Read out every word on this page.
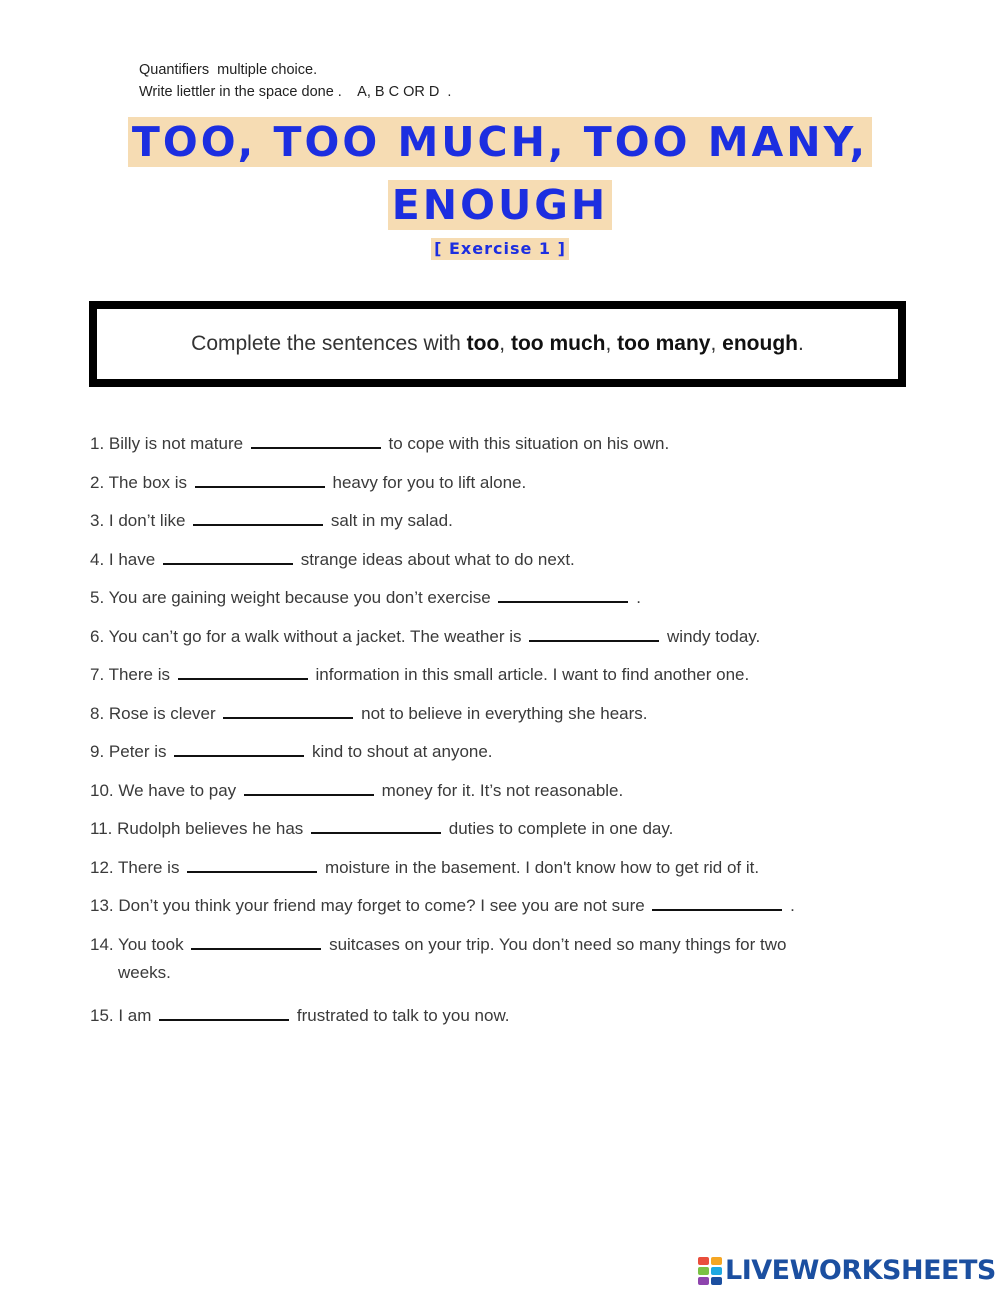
Quantifiers  multiple choice.
Write liettler in the space done .    A, B C OR D  .
TOO, TOO MUCH, TOO MANY,
ENOUGH
[ Exercise 1 ]
Complete the sentences with too, too much, too many, enough.
1. Billy is not mature	to cope with this situation on his own.
2. The box is	heavy for you to lift alone.
3. I don’t like	salt in my salad.
4. I have	strange ideas about what to do next.
5. You are gaining weight because you don’t exercise	.
6. You can’t go for a walk without a jacket. The weather is	windy today.
7. There is	information in this small article. I want to find another one.
8. Rose is clever	not to believe in everything she hears.
9. Peter is	kind to shout at anyone.
10. We have to pay	money for it. It’s not reasonable.
11. Rudolph believes he has	duties to complete in one day.
12. There is	moisture in the basement. I don't know how to get rid of it.
13. Don’t you think your friend may forget to come? I see you are not sure	.
14. You took	suitcases on your trip. You don’t need so many things for two
weeks.
15. I am	frustrated to talk to you now.
LIVEWORKSHEETS
